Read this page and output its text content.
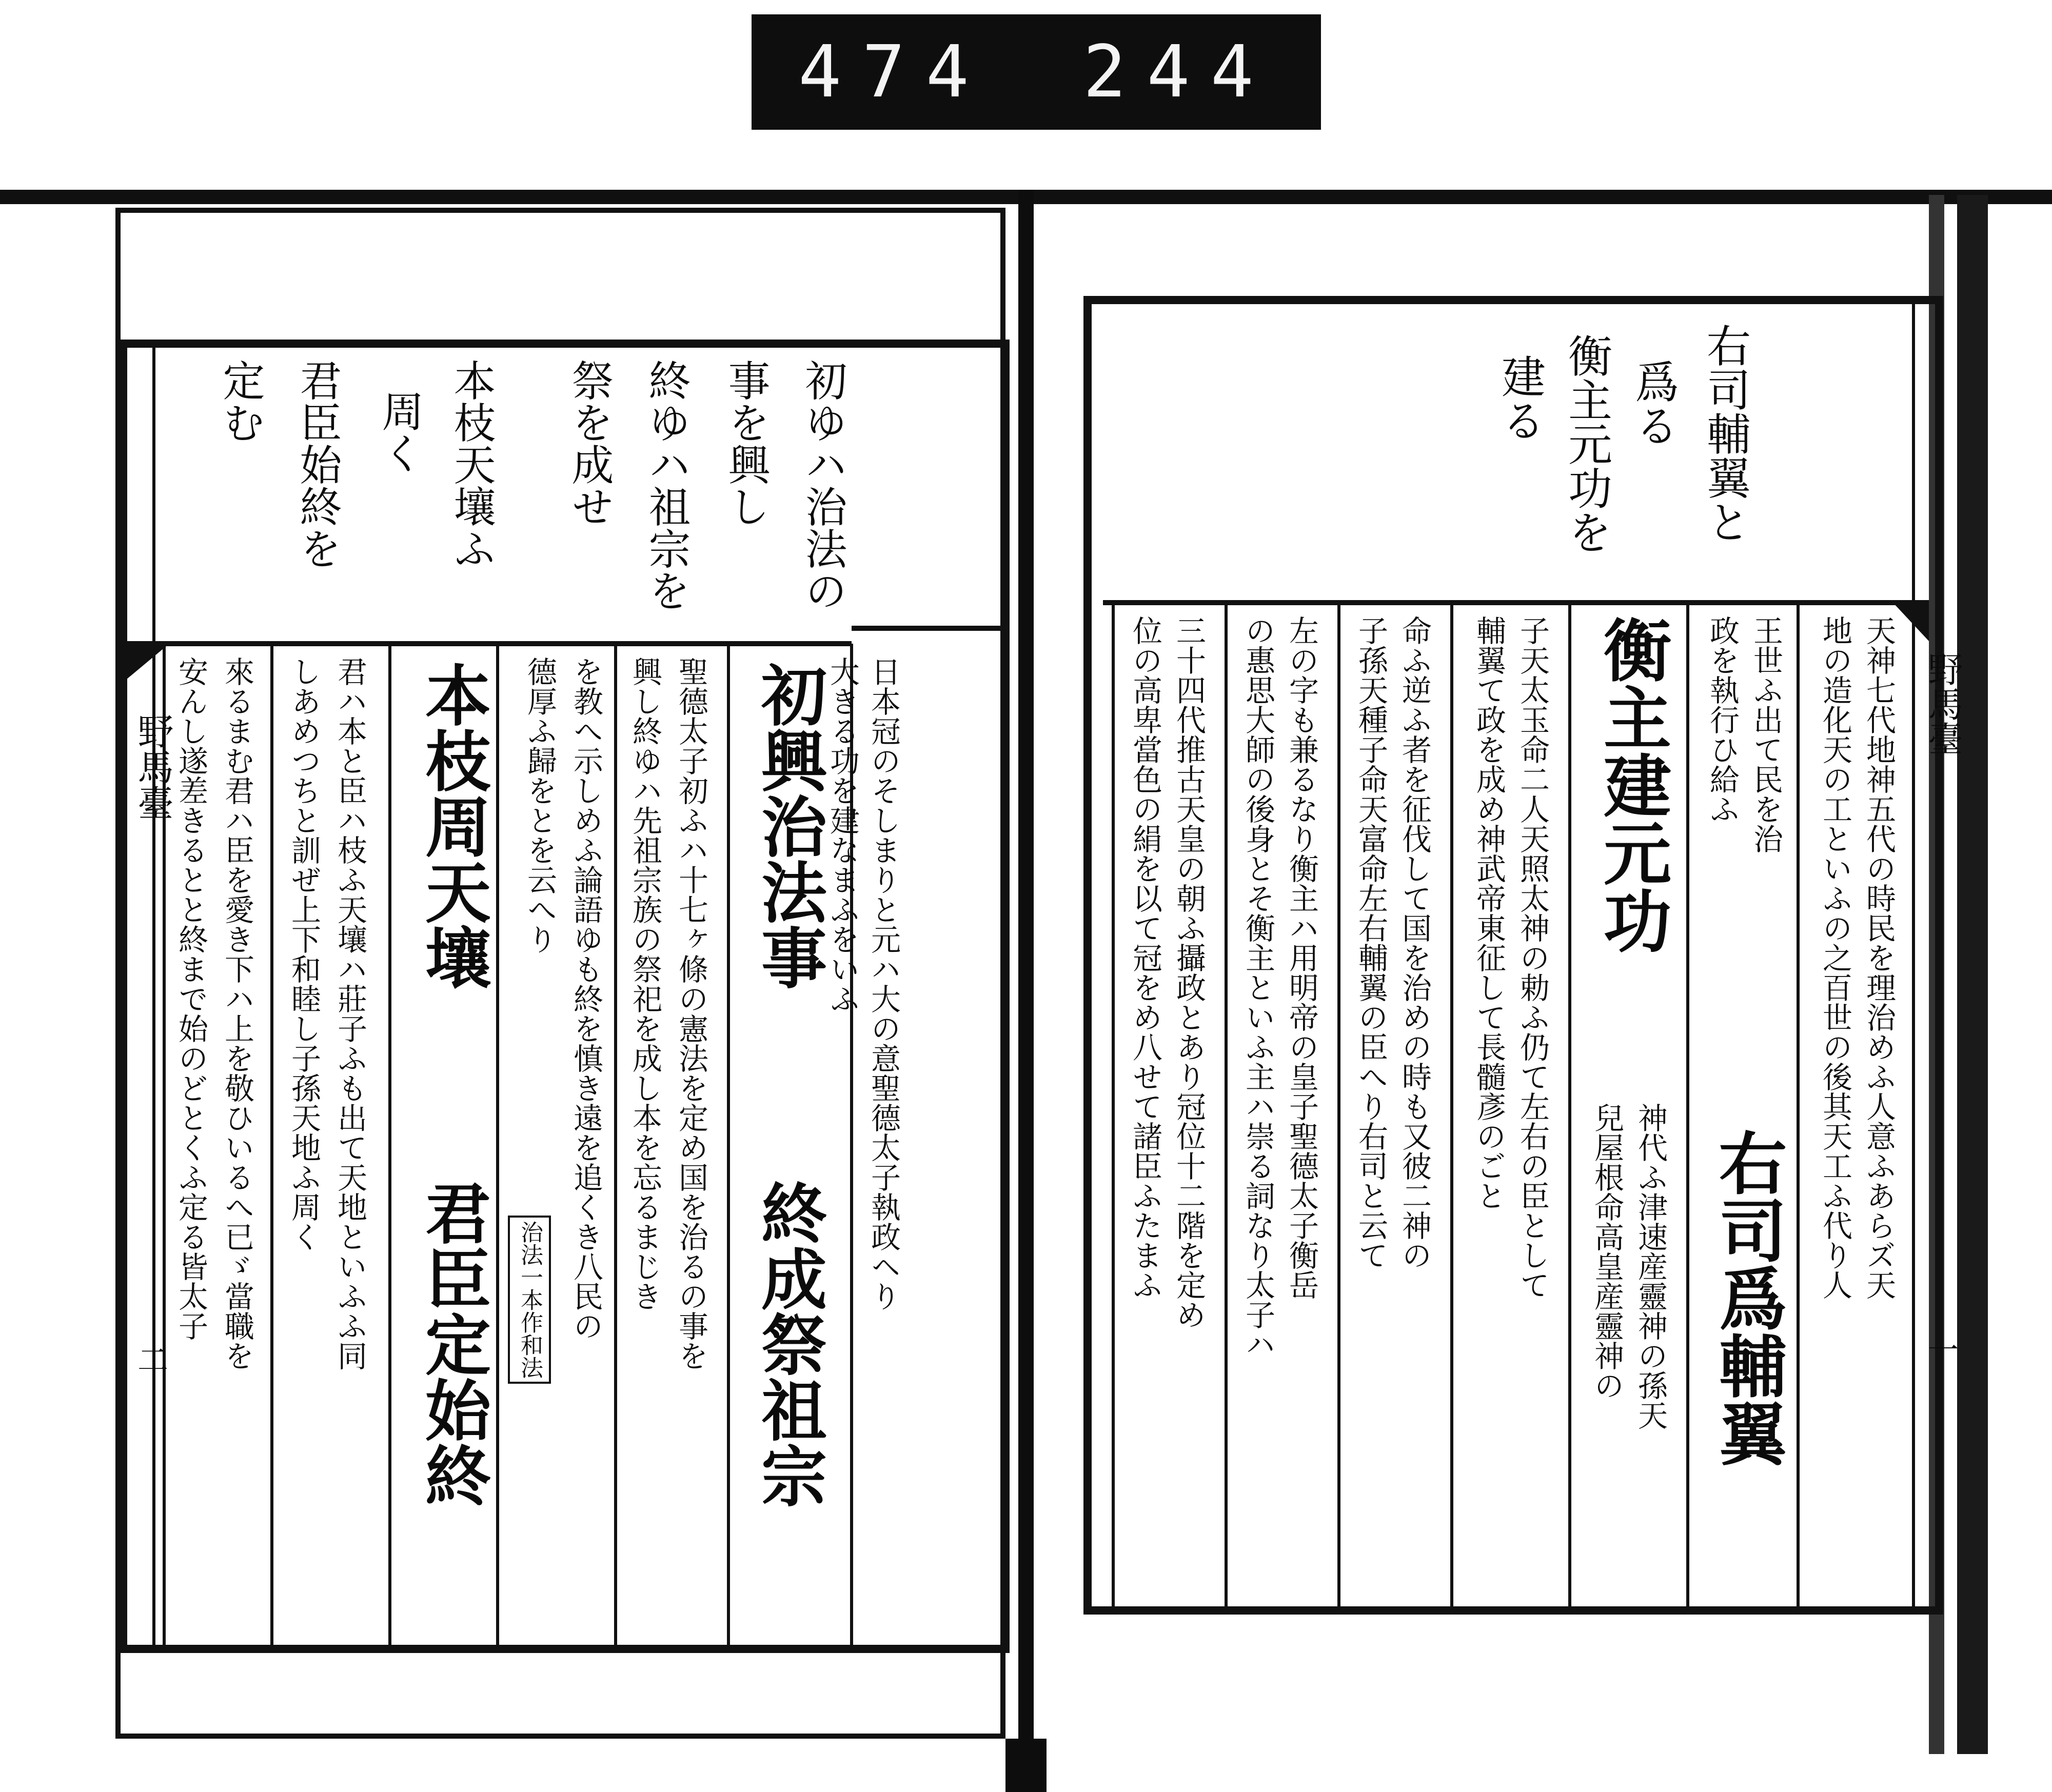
474 244
初ゆハ治法の
事を興し
終ゆハ祖宗を
祭を成せ
本枝天壤ふ
周く
君臣始終を
定む
日本冠のそしまりと元ハ大の意聖德太子執政ヘり
大きる功を建なまふをいふ
初興治法事
終成祭祖宗
聖德太子初ふハ十七ヶ條の憲法を定め国を治るの事を
興し終ゆハ先祖宗族の祭祀を成し本を忘るまじき
を教へ示しめふ論語ゆも終を慎き遠を追くき八民の
德厚ふ歸をとを云へり
治法一本作和法
本枝周天壤
君臣定始終
君ハ本と臣ハ枝ふ天壤ハ莊子ふも出て天地といふふ同
しあめつちと訓ぜ上下和睦し子孫天地ふ周く
來るまむ君ハ臣を愛き下ハ上を敬ひいるへ已ゞ當職を
安んし遂差きるとと終まで始のどとくふ定る皆太子
野馬臺
二
右司輔翼と
爲る
衡主元功を
建る
天神七代地神五代の時民を理治めふ人意ふあらズ天
地の造化天の工といふの之百世の後其天工ふ代り人
王世ふ出て民を治
政を執行ひ給ふ
右司爲輔翼
衡主建元功
神代ふ津速産靈神の孫天
兒屋根命高皇産靈神の
子天太玉命二人天照太神の勅ふ仍て左右の臣として
輔翼て政を成め神武帝東征して長髓彥のごと
命ふ逆ふ者を征伐して国を治めの時も又彼二神の
子孫天種子命天富命左右輔翼の臣へり右司と云て
左の字も兼るなり衡主ハ用明帝の皇子聖德太子衡岳
の惠思大師の後身とそ衡主といふ主ハ崇る詞なり太子ハ
三十四代推古天皇の朝ふ攝政とあり冠位十二階を定め
位の高卑當色の絹を以て冠をめ八せて諸臣ふたまふ	野馬臺
一
